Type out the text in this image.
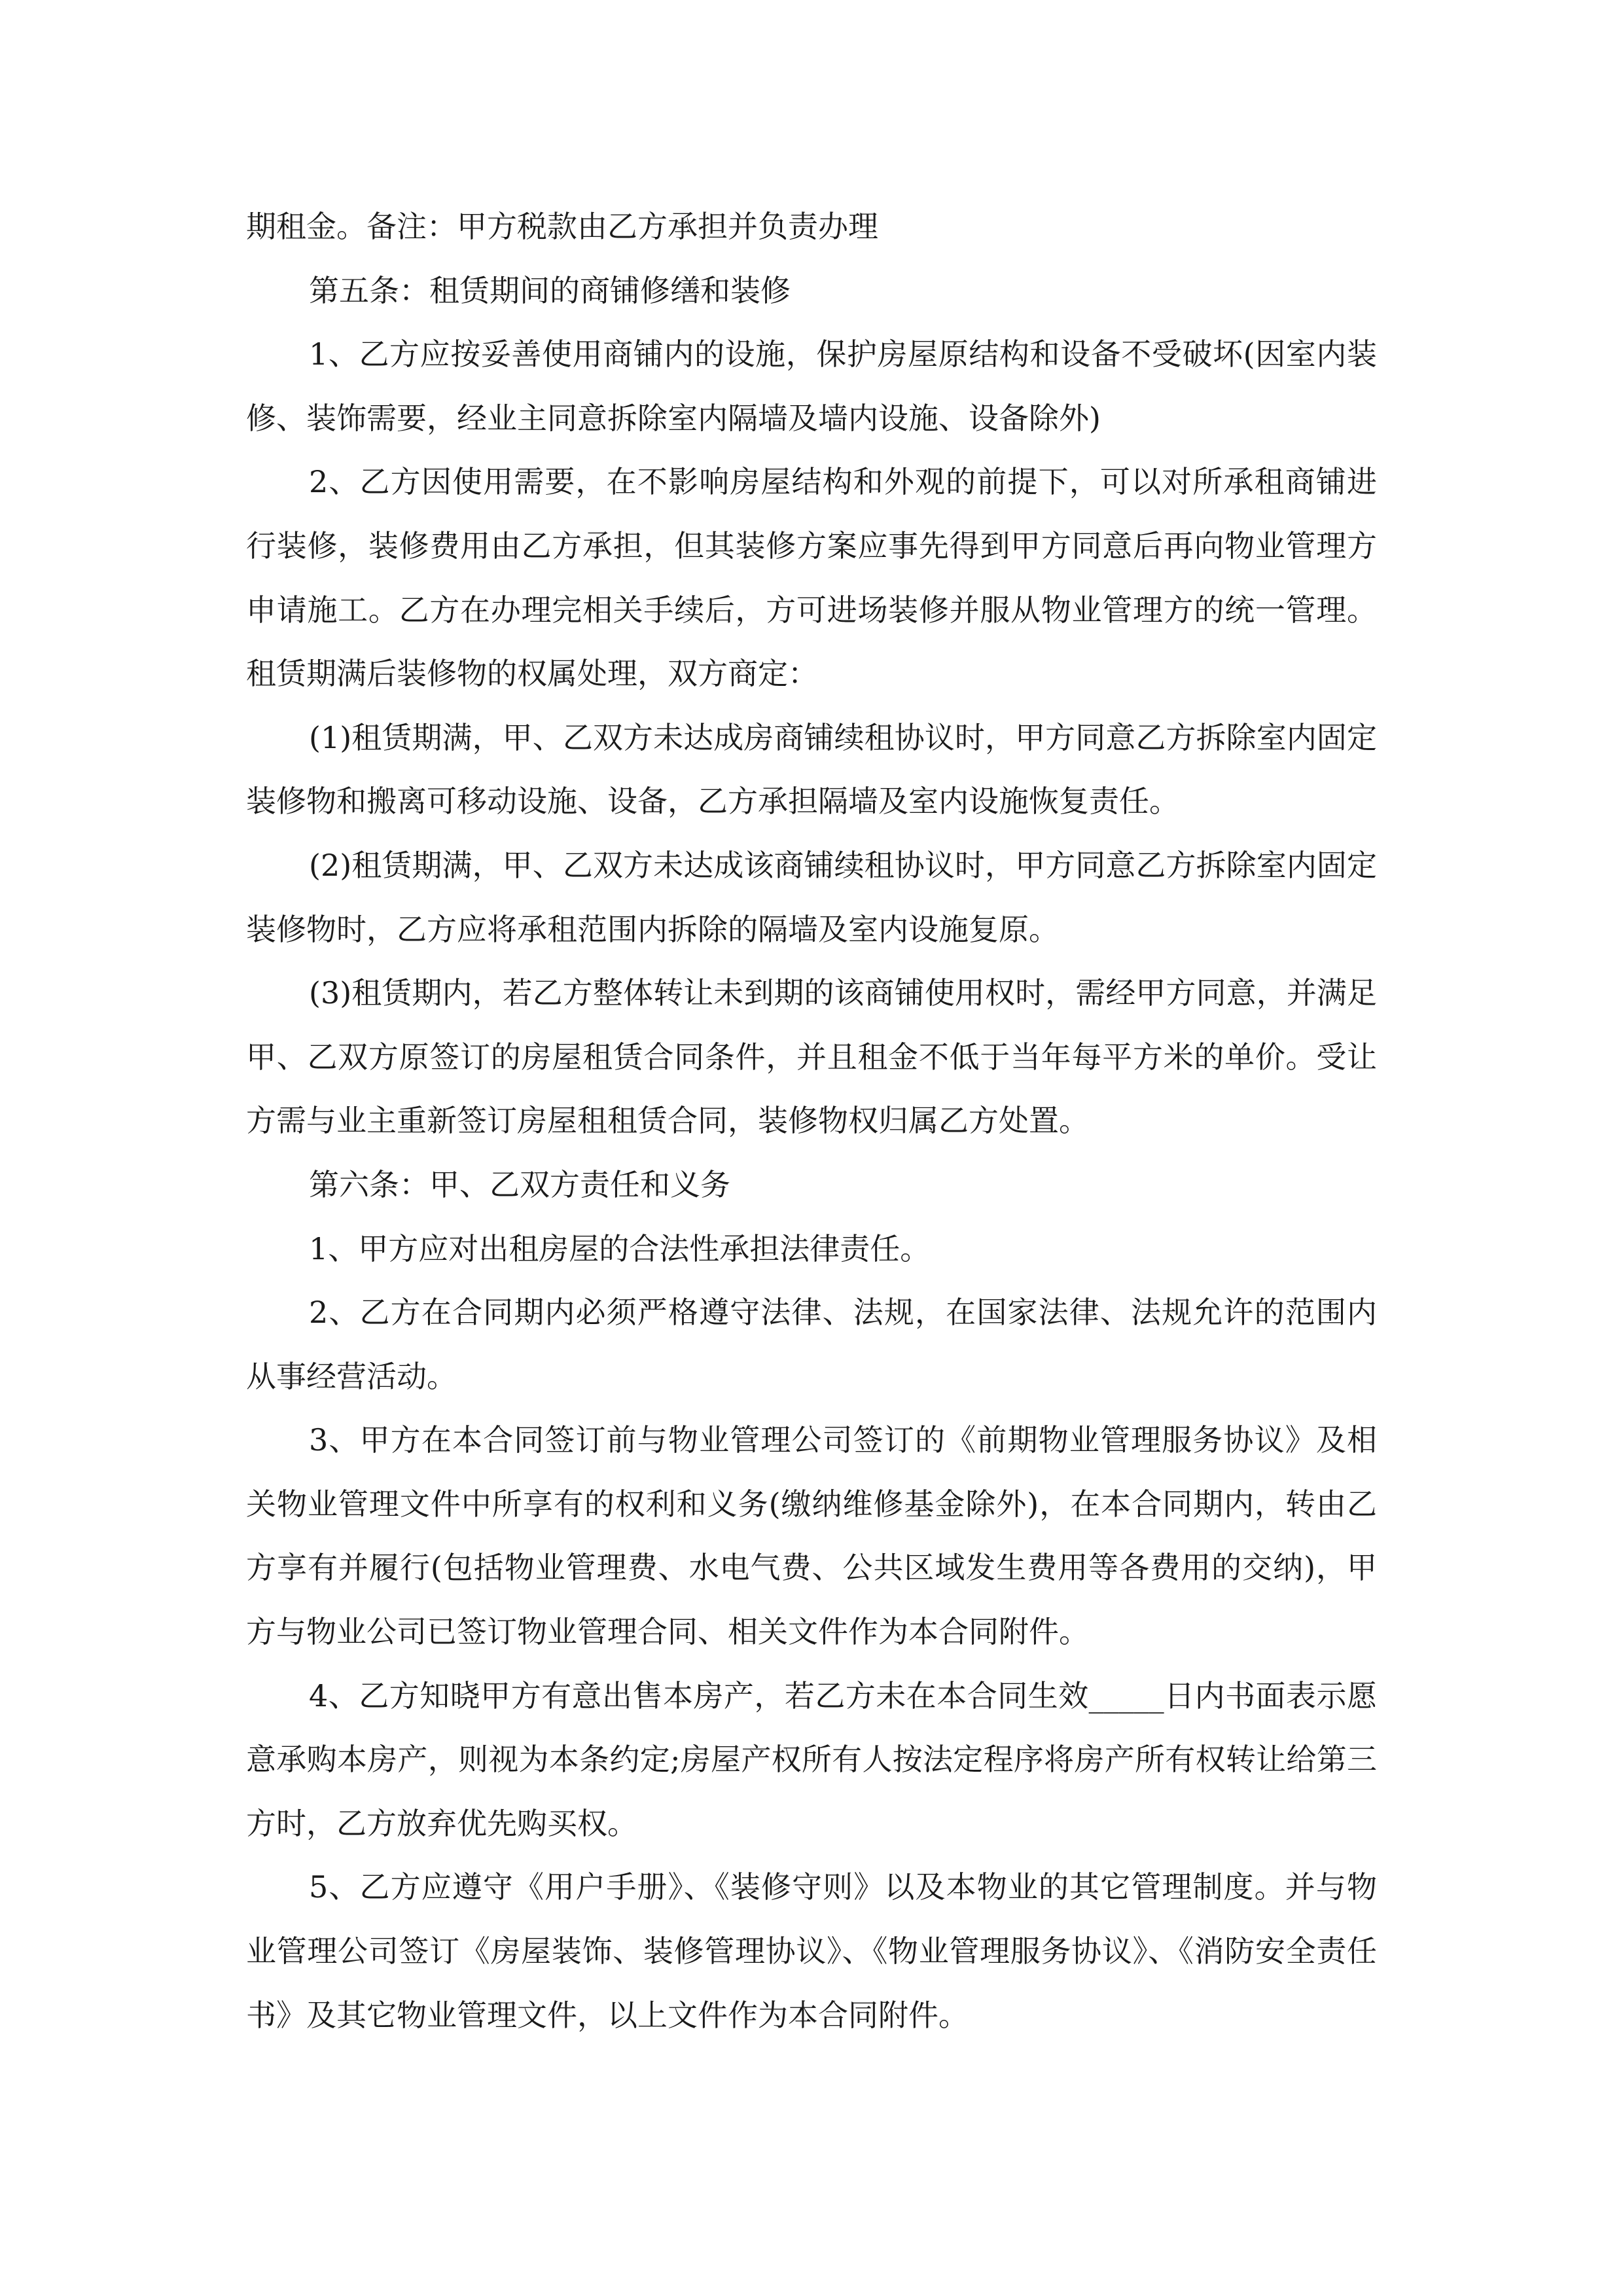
期租金。备注：甲方税款由乙方承担并负责办理

第五条：租赁期间的商铺修缮和装修

1、乙方应按妥善使用商铺内的设施，保护房屋原结构和设备不受破坏(因室内装修、装饰需要，经业主同意拆除室内隔墙及墙内设施、设备除外)

2、乙方因使用需要，在不影响房屋结构和外观的前提下，可以对所承租商铺进行装修，装修费用由乙方承担，但其装修方案应事先得到甲方同意后再向物业管理方申请施工。乙方在办理完相关手续后，方可进场装修并服从物业管理方的统一管理。租赁期满后装修物的权属处理，双方商定：

(1)租赁期满，甲、乙双方未达成房商铺续租协议时，甲方同意乙方拆除室内固定装修物和搬离可移动设施、设备，乙方承担隔墙及室内设施恢复责任。

(2)租赁期满，甲、乙双方未达成该商铺续租协议时，甲方同意乙方拆除室内固定装修物时，乙方应将承租范围内拆除的隔墙及室内设施复原。

(3)租赁期内，若乙方整体转让未到期的该商铺使用权时，需经甲方同意，并满足甲、乙双方原签订的房屋租赁合同条件，并且租金不低于当年每平方米的单价。受让方需与业主重新签订房屋租租赁合同，装修物权归属乙方处置。

第六条：甲、乙双方责任和义务

1、甲方应对出租房屋的合法性承担法律责任。

2、乙方在合同期内必须严格遵守法律、法规，在国家法律、法规允许的范围内从事经营活动。

3、甲方在本合同签订前与物业管理公司签订的《前期物业管理服务协议》及相关物业管理文件中所享有的权利和义务(缴纳维修基金除外)，在本合同期内，转由乙方享有并履行(包括物业管理费、水电气费、公共区域发生费用等各费用的交纳)，甲方与物业公司已签订物业管理合同、相关文件作为本合同附件。

4、乙方知晓甲方有意出售本房产，若乙方未在本合同生效_____日内书面表示愿意承购本房产，则视为本条约定;房屋产权所有人按法定程序将房产所有权转让给第三方时，乙方放弃优先购买权。

5、乙方应遵守《用户手册》、《装修守则》以及本物业的其它管理制度。并与物业管理公司签订《房屋装饰、装修管理协议》、《物业管理服务协议》、《消防安全责任书》及其它物业管理文件，以上文件作为本合同附件。
